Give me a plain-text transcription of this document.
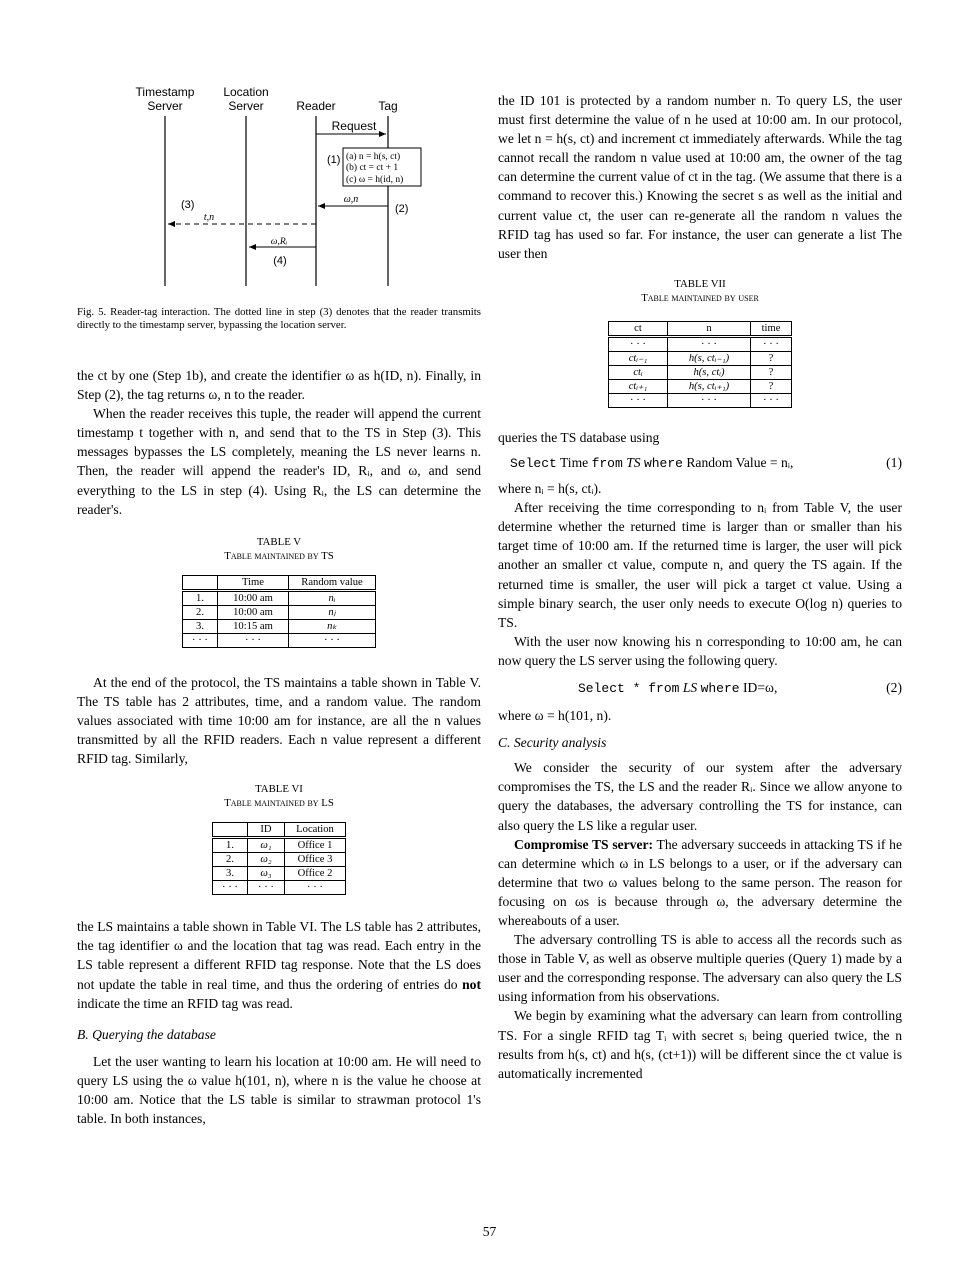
Timestamp
Server
Location
Server	Reader	Tag
Request
(1) (a) n = h(s, ct)
(b) ct = ct + 1
(c) ω = h(id, n)
ω,n
(2)
(3)
t,n
ω,Rᵢ
(4)

Fig. 5. Reader-tag interaction. The dotted line in step (3) denotes that the reader transmits directly to the timestamp server, bypassing the location server.

the ct by one (Step 1b), and create the identifier ω as h(ID, n). Finally, in Step (2), the tag returns ω, n to the reader.

When the reader receives this tuple, the reader will append the current timestamp t together with n, and send that to the TS in Step (3). This messages bypasses the LS completely, meaning the LS never learns n. Then, the reader will append the reader's ID, Rᵢ, and ω, and send everything to the LS in step (4). Using Rᵢ, the LS can determine the reader's.

TABLE V
Table maintained by TS
	Time	Random value
1.	10:00 am	nᵢ
2.	10:00 am	nⱼ
3.	10:15 am	nₖ
· · ·	· · ·	· · ·

At the end of the protocol, the TS maintains a table shown in Table V. The TS table has 2 attributes, time, and a random value. The random values associated with time 10:00 am for instance, are all the n values transmitted by all the RFID readers. Each n value represent a different RFID tag. Similarly,

TABLE VI
Table maintained by LS
	ID	Location
1.	ω₁	Office 1
2.	ω₂	Office 3
3.	ω₃	Office 2
· · ·	· · ·	· · ·

the LS maintains a table shown in Table VI. The LS table has 2 attributes, the tag identifier ω and the location that tag was read. Each entry in the LS table represent a different RFID tag response. Note that the LS does not update the table in real time, and thus the ordering of entries do not indicate the time an RFID tag was read.

B. Querying the database

Let the user wanting to learn his location at 10:00 am. He will need to query LS using the ω value h(101, n), where n is the value he choose at 10:00 am. Notice that the LS table is similar to strawman protocol 1's table. In both instances,

the ID 101 is protected by a random number n. To query LS, the user must first determine the value of n he used at 10:00 am. In our protocol, we let n = h(s, ct) and increment ct immediately afterwards. While the tag cannot recall the random n value used at 10:00 am, the owner of the tag can determine the current value of ct in the tag. (We assume that there is a command to recover this.) Knowing the secret s as well as the initial and current value ct, the user can re-generate all the random n values the RFID tag has used so far. For instance, the user can generate a list The user then

TABLE VII
Table maintained by user
ct	n	time
· · ·	· · ·	· · ·
ctᵢ₋₁	h(s, ctᵢ₋₁)	?
ctᵢ	h(s, ctᵢ)	?
ctᵢ₊₁	h(s, ctᵢ₊₁)	?
· · ·	· · ·	· · ·

queries the TS database using

Select Time from TS where Random Value = nᵢ,	(1)

where nᵢ = h(s, ctᵢ).

After receiving the time corresponding to nᵢ from Table V, the user determine whether the returned time is larger than or smaller than his target time of 10:00 am. If the returned time is larger, the user will pick another an smaller ct value, compute n, and query the TS again. If the returned time is smaller, the user will pick a target ct value. Using a simple binary search, the user only needs to execute O(log n) queries to TS.

With the user now knowing his n corresponding to 10:00 am, he can now query the LS server using the following query.

Select * from LS where ID=ω,	(2)

where ω = h(101, n).

C. Security analysis

We consider the security of our system after the adversary compromises the TS, the LS and the reader Rᵢ. Since we allow anyone to query the databases, the adversary controlling the TS for instance, can also query the LS like a regular user.

Compromise TS server: The adversary succeeds in attacking TS if he can determine which ω in LS belongs to a user, or if the adversary can determine that two ω values belong to the same person. The reason for focusing on ωs is because through ω, the adversary determine the whereabouts of a user.

The adversary controlling TS is able to access all the records such as those in Table V, as well as observe multiple queries (Query 1) made by a user and the corresponding response. The adversary can also query the LS using information from his observations.

We begin by examining what the adversary can learn from controlling TS. For a single RFID tag Tᵢ with secret sᵢ being queried twice, the n results from h(s, ct) and h(s, (ct+1)) will be different since the ct value is automatically incremented

57
